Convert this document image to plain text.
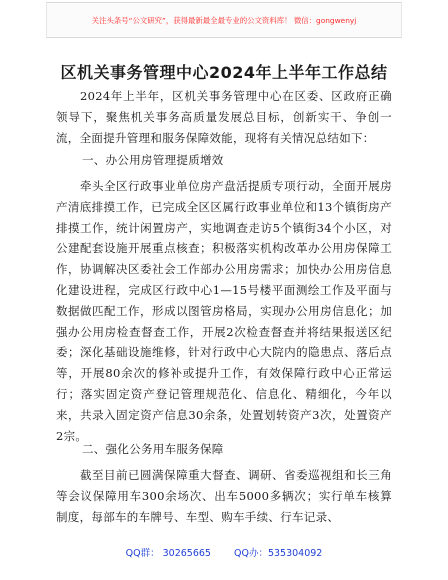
关注头条号“公文研究”，获得最新最全最专业的公文资料库！ 微信：gongwenyj
区机关事务管理中心2024年上半年工作总结

2024年上半年，区机关事务管理中心在区委、区政府正确领导下，聚焦机关事务高质量发展总目标，创新实干、争创一流，全面提升管理和服务保障效能，现将有关情况总结如下：

一、办公用房管理提质增效

牵头全区行政事业单位房产盘活提质专项行动，全面开展房产清底排摸工作，已完成全区区属行政事业单位和13个镇街房产排摸工作，统计闲置房产，实地调查走访5个镇街34个小区，对公建配套设施开展重点核查；积极落实机构改革办公用房保障工作，协调解决区委社会工作部办公用房需求；加快办公用房信息化建设进程，完成区行政中心1—15号楼平面测绘工作及平面与数据做匹配工作，形成以图管房格局，实现办公用房信息化；加强办公用房检查督查工作，开展2次检查督查并将结果报送区纪委；深化基础设施维修，针对行政中心大院内的隐患点、落后点等，开展80余次的修补或提升工作，有效保障行政中心正常运行；落实固定资产登记管理规范化、信息化、精细化，今年以来，共录入固定资产信息30余条，处置划转资产3次，处置资产2宗。

二、强化公务用车服务保障

截至目前已圆满保障重大督查、调研、省委巡视组和长三角等会议保障用车300余场次、出车5000多辆次；实行单车核算制度，每部车的车牌号、车型、购车手续、行车记录、

QQ群： 30265665 QQ办：535304092
